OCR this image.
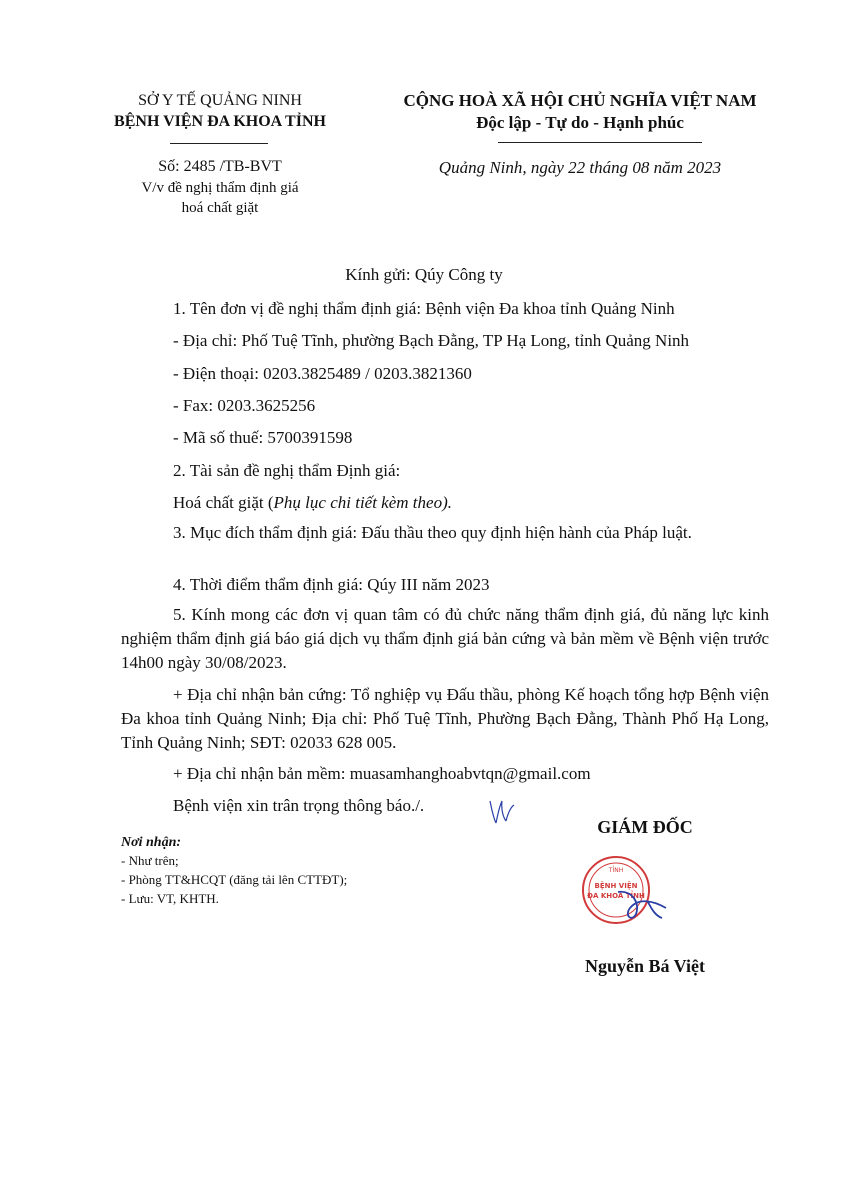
SỞ Y TẾ QUẢNG NINH
BỆNH VIỆN ĐA KHOA TỈNH
Số: 2485 /TB-BVT
V/v đề nghị thẩm định giá
hoá chất giặt
CỘNG HOÀ XÃ HỘI CHỦ NGHĨA VIỆT NAM
Độc lập - Tự do - Hạnh phúc
Quảng Ninh, ngày 22 tháng 08 năm 2023
Kính gửi: Qúy Công ty
1. Tên đơn vị đề nghị thẩm định giá: Bệnh viện Đa khoa tỉnh Quảng Ninh
- Địa chỉ: Phố Tuệ Tĩnh, phường Bạch Đằng, TP Hạ Long, tỉnh Quảng Ninh
- Điện thoại: 0203.3825489 / 0203.3821360
- Fax: 0203.3625256
- Mã số thuế: 5700391598
2. Tài sản đề nghị thẩm Định giá:
Hoá chất giặt (Phụ lục chi tiết kèm theo).
3. Mục đích thẩm định giá: Đấu thầu theo quy định hiện hành của Pháp luật.
4. Thời điểm thẩm định giá: Qúy III năm 2023
5. Kính mong các đơn vị quan tâm có đủ chức năng thẩm định giá, đủ năng lực kinh nghiệm thẩm định giá báo giá dịch vụ thẩm định giá bản cứng và bản mềm về Bệnh viện trước 14h00 ngày 30/08/2023.
+ Địa chỉ nhận bản cứng: Tổ nghiệp vụ Đấu thầu, phòng Kế hoạch tổng hợp Bệnh viện Đa khoa tỉnh Quảng Ninh; Địa chỉ: Phố Tuệ Tĩnh, Phường Bạch Đằng, Thành Phố Hạ Long, Tỉnh Quảng Ninh; SĐT: 02033 628 005.
+ Địa chỉ nhận bản mềm: muasamhanghoabvtqn@gmail.com
Bệnh viện xin trân trọng thông báo./.
Nơi nhận:
- Như trên;
- Phòng TT&HCQT (đăng tải lên CTTĐT);
- Lưu: VT, KHTH.
GIÁM ĐỐC
TỈNH
BỆNH VIỆN
ĐA KHOA TỈNH
Nguyễn Bá Việt
